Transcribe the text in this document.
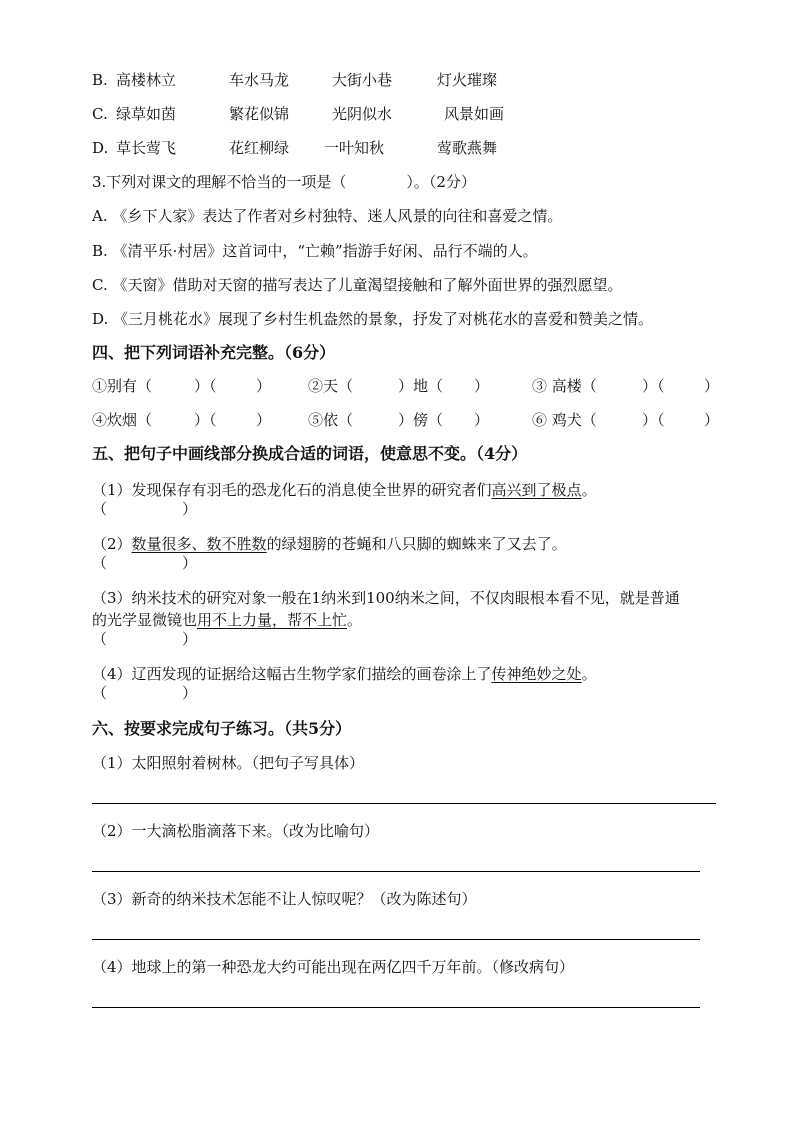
B. 高楼林立	车水马龙	大街小巷	灯火璀璨
C. 绿草如茵	繁花似锦	光阴似水	风景如画
D. 草长莺飞	花红柳绿 一叶知秋	莺歌燕舞
3.下列对课文的理解不恰当的一项是（　　　　）。（2分）
A. 《乡下人家》表达了作者对乡村独特、迷人风景的向往和喜爱之情。
B. 《清平乐·村居》这首词中，“亡赖”指游手好闲、品行不端的人。
C. 《天窗》借助对天窗的描写表达了儿童渴望接触和了解外面世界的强烈愿望。
D. 《三月桃花水》展现了乡村生机盎然的景象，抒发了对桃花水的喜爱和赞美之情。
四、把下列词语补充完整。（6分）
①别有（	）（	） ②天（	）地（ ）	③ 高楼（	）（	）
④炊烟（	）（	） ⑤依（	）傍（ ）	⑥ 鸡犬（	）（	）
五、把句子中画线部分换成合适的词语，使意思不变。（4分）
（1）发现保存有羽毛的恐龙化石的消息使全世界的研究者们高兴到了极点。
（　　　　　）
（2）数量很多、数不胜数的绿翅膀的苍蝇和八只脚的蜘蛛来了又去了。
（　　　　　）
（3）纳米技术的研究对象一般在1纳米到100纳米之间，不仅肉眼根本看不见，就是普通
的光学显微镜也用不上力量，帮不上忙。
（　　　　　）
（4）辽西发现的证据给这幅古生物学家们描绘的画卷涂上了传神绝妙之处。
（　　　　　）
六、按要求完成句子练习。（共5分）
（1）太阳照射着树林。（把句子写具体）
（2）一大滴松脂滴落下来。（改为比喻句）
（3）新奇的纳米技术怎能不让人惊叹呢？（改为陈述句）
（4）地球上的第一种恐龙大约可能出现在两亿四千万年前。（修改病句）
